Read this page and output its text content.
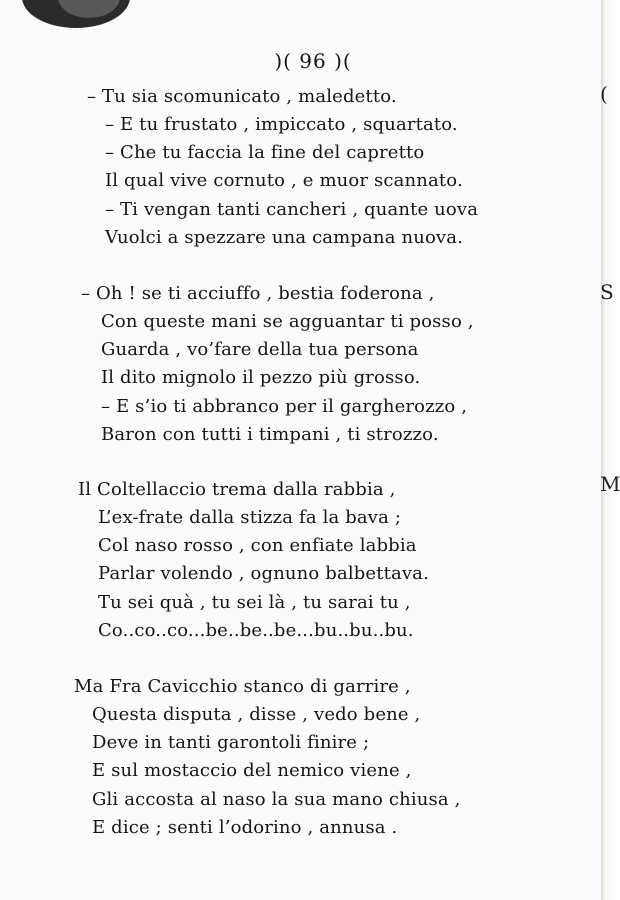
(
S
M
)( 96 )(
– Tu sia scomunicato , maledetto.
– E tu frustato , impiccato , squartato.
– Che tu faccia la fine del capretto
Il qual vive cornuto , e muor scannato.
– Ti vengan tanti cancheri , quante uova
Vuolci a spezzare una campana nuova.
– Oh ! se ti acciuffo , bestia foderona ,
Con queste mani se agguantar ti posso ,
Guarda , vo’fare della tua persona
Il dito mignolo il pezzo più grosso.
– E s’io ti abbranco per il gargherozzo ,
Baron con tutti i timpani , ti strozzo.
Il Coltellaccio trema dalla rabbia ,
L’ex-frate dalla stizza fa la bava ;
Col naso rosso , con enfiate labbia
Parlar volendo , ognuno balbettava.
Tu sei quà , tu sei là , tu sarai tu ,
Co..co..co...be..be..be...bu..bu..bu.
Ma Fra Cavicchio stanco di garrire ,
Questa disputa , disse , vedo bene ,
Deve in tanti garontoli finire ;
E sul mostaccio del nemico viene ,
Gli accosta al naso la sua mano chiusa ,
E dice ; senti l’odorino , annusa .
